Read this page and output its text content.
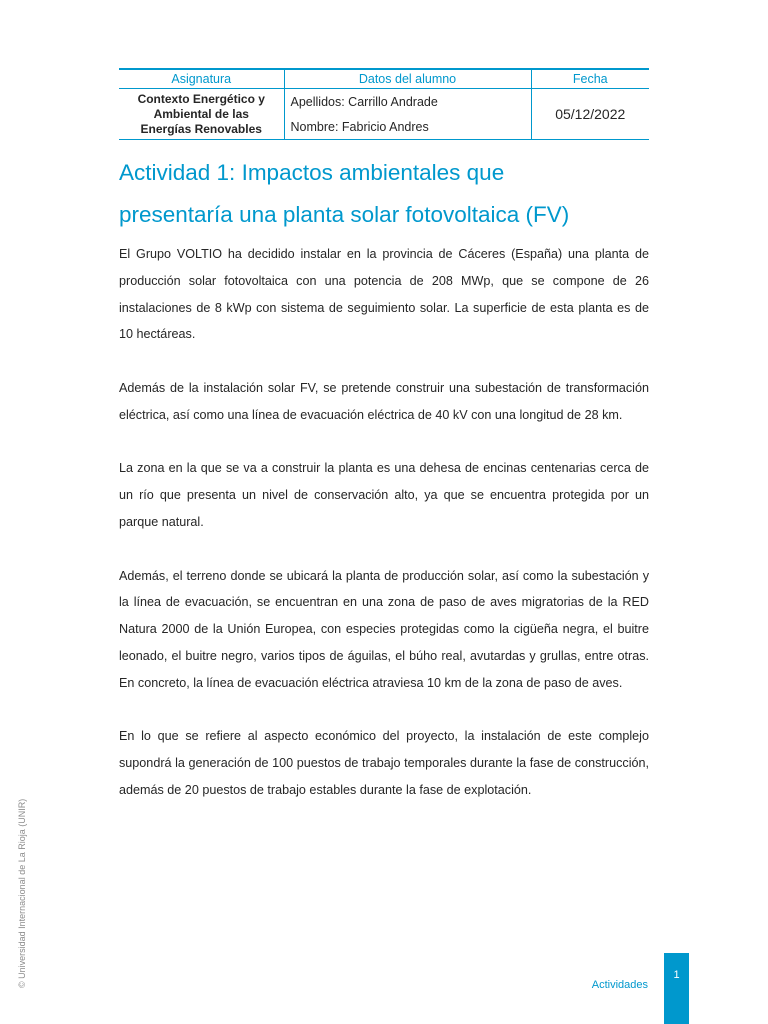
Asignatura	Datos del alumno	Fecha

Contexto Energético y
Ambiental de las
Energías Renovables	Apellidos: Carrillo Andrade	05/12/2022
	Nombre: Fabricio Andres	
Actividad 1: Impactos ambientales que
presentaría una planta solar fotovoltaica (FV)

El Grupo VOLTIO ha decidido instalar en la provincia de Cáceres (España) una planta de producción solar fotovoltaica con una potencia de 208 MWp, que se compone de 26 instalaciones de 8 kWp con sistema de seguimiento solar. La superficie de esta planta es de 10 hectáreas.

Además de la instalación solar FV, se pretende construir una subestación de transformación eléctrica, así como una línea de evacuación eléctrica de 40 kV con una longitud de 28 km.

La zona en la que se va a construir la planta es una dehesa de encinas centenarias cerca de un río que presenta un nivel de conservación alto, ya que se encuentra protegida por un parque natural.

Además, el terreno donde se ubicará la planta de producción solar, así como la subestación y la línea de evacuación, se encuentran en una zona de paso de aves migratorias de la RED Natura 2000 de la Unión Europea, con especies protegidas como la cigüeña negra, el buitre leonado, el buitre negro, varios tipos de águilas, el búho real, avutardas y grullas, entre otras. En concreto, la línea de evacuación eléctrica atraviesa 10 km de la zona de paso de aves.

En lo que se refiere al aspecto económico del proyecto, la instalación de este complejo supondrá la generación de 100 puestos de trabajo temporales durante la fase de construcción, además de 20 puestos de trabajo estables durante la fase de explotación.

© Universidad Internacional de La Rioja (UNIR)	Actividades
1
